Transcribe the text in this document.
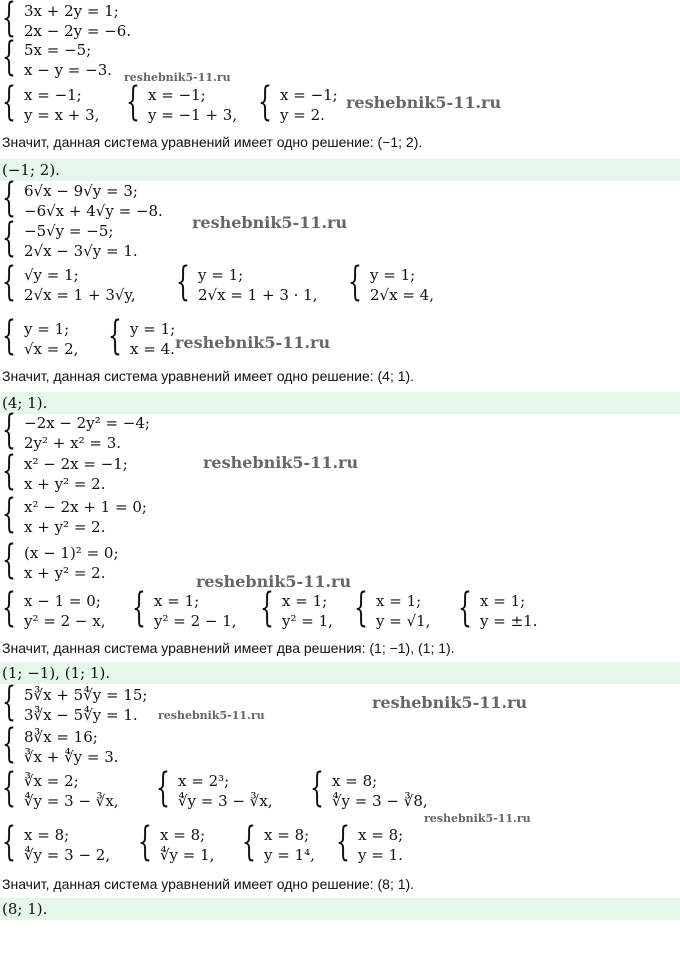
{ 3x + 2y = 1;
2x − 2y = −6.
{ 5x = −5;
x − y = −3.
{ x = −1;
y = x + 3, { x = −1;
y = −1 + 3, { x = −1;
y = 2.
Значит, данная система уравнений имеет одно решение: (−1; 2).
(−1; 2).
{ 6√x − 9√y = 3;
−6√x + 4√y = −8.
{ −5√y = −5;
2√x − 3√y = 1.
{ √y = 1;
2√x = 1 + 3√y, { y = 1;
2√x = 1 + 3 · 1, { y = 1;
2√x = 4,
{ y = 1;
√x = 2, { y = 1;
x = 4.
Значит, данная система уравнений имеет одно решение: (4; 1).
(4; 1).
{ −2x − 2y² = −4;
2y² + x² = 3.
{ x² − 2x = −1;
x + y² = 2.
{ x² − 2x + 1 = 0;
x + y² = 2.
{ (x − 1)² = 0;
x + y² = 2.
{ x − 1 = 0;
y² = 2 − x, { x = 1;
y² = 2 − 1, { x = 1;
y² = 1, { x = 1;
y = √1, { x = 1;
y = ±1.
Значит, данная система уравнений имеет два решения: (1; −1), (1; 1).
(1; −1), (1; 1).
{ 5∛x + 5∜y = 15;
3∛x − 5∜y = 1.
{ 8∛x = 16;
∛x + ∜y = 3.
{ ∛x = 2;
∜y = 3 − ∛x, { x = 2³;
∜y = 3 − ∛x, { x = 8;
∜y = 3 − ∛8,
{ x = 8;
∜y = 3 − 2, { x = 8;
∜y = 1, { x = 8;
y = 1⁴, { x = 8;
y = 1.
Значит, данная система уравнений имеет одно решение: (8; 1).
(8; 1).
reshebnik5-11.ru
reshebnik5-11.ru
reshebnik5-11.ru
reshebnik5-11.ru
reshebnik5-11.ru
reshebnik5-11.ru
reshebnik5-11.ru
reshebnik5-11.ru
reshebnik5-11.ru
